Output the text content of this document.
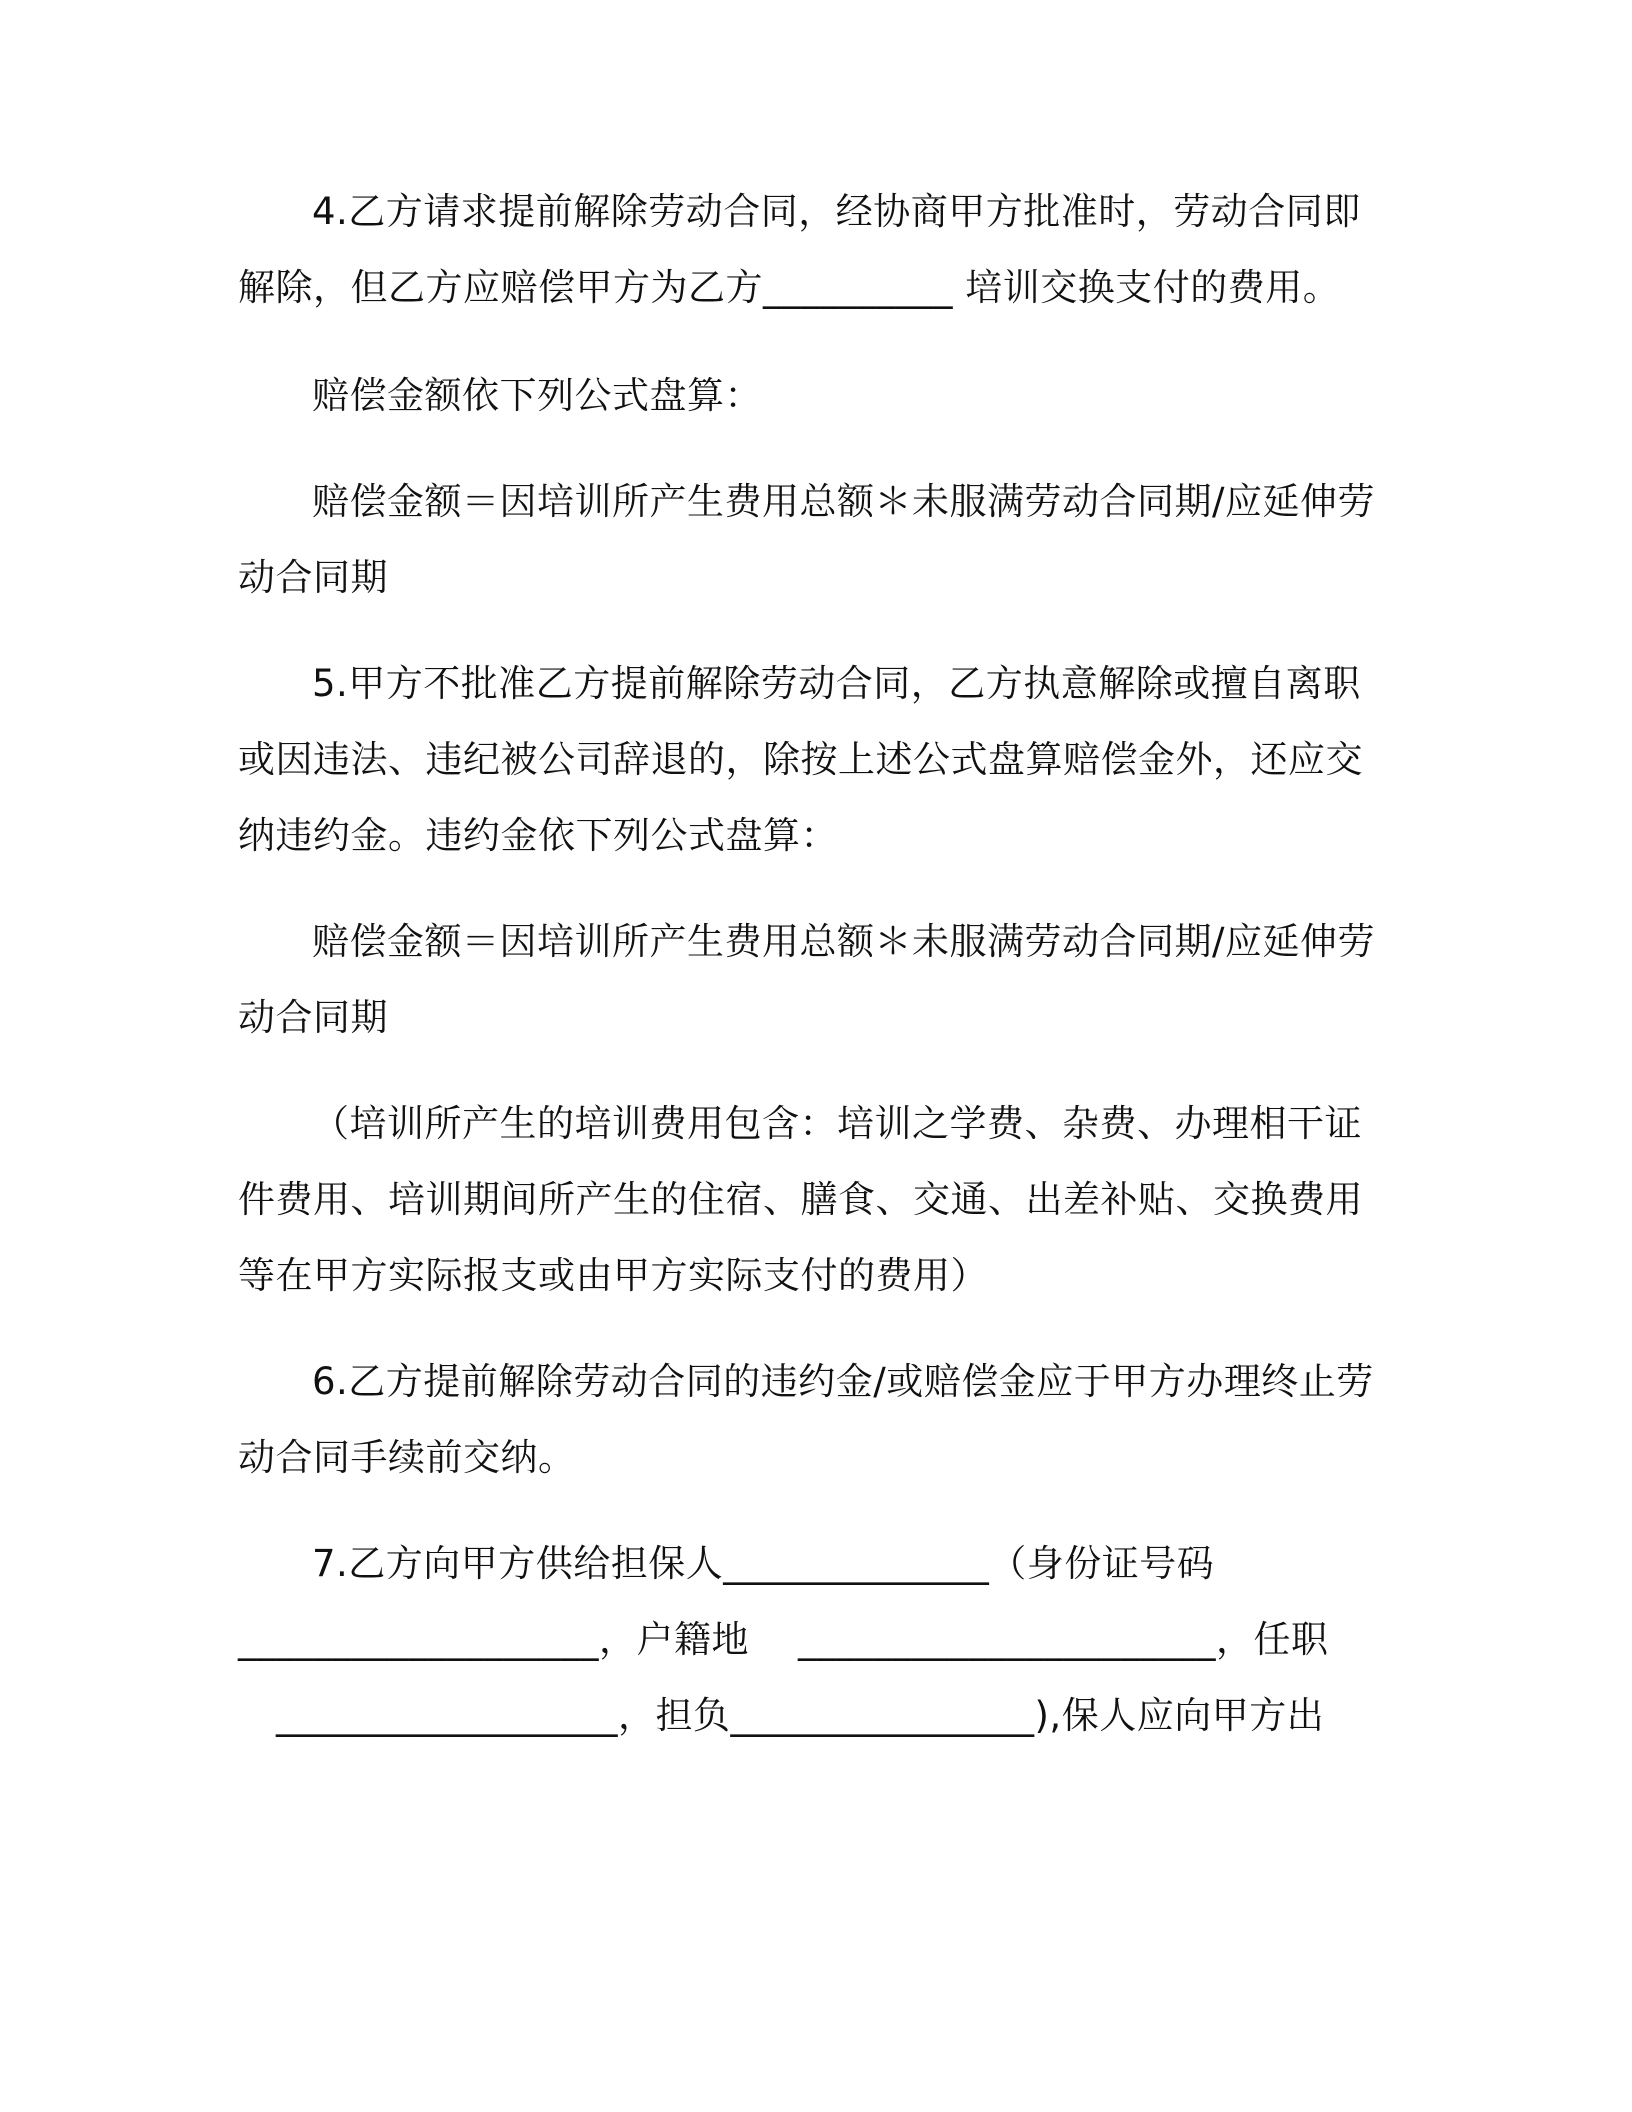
4.乙方请求提前解除劳动合同，经协商甲方批准时，劳动合同即
解除，但乙方应赔偿甲方为乙方__________ 培训交换支付的费用。
赔偿金额依下列公式盘算：
赔偿金额＝因培训所产生费用总额＊未服满劳动合同期/应延伸劳
动合同期
5.甲方不批准乙方提前解除劳动合同，乙方执意解除或擅自离职
或因违法、违纪被公司辞退的，除按上述公式盘算赔偿金外，还应交
纳违约金。违约金依下列公式盘算：
赔偿金额＝因培训所产生费用总额＊未服满劳动合同期/应延伸劳
动合同期
（培训所产生的培训费用包含：培训之学费、杂费、办理相干证
件费用、培训期间所产生的住宿、膳食、交通、出差补贴、交换费用
等在甲方实际报支或由甲方实际支付的费用）
6.乙方提前解除劳动合同的违约金/或赔偿金应于甲方办理终止劳
动合同手续前交纳。
7.乙方向甲方供给担保人______________（身份证号码
___________________，户籍地    ______________________，任职
__________________，担负________________),保人应向甲方出
